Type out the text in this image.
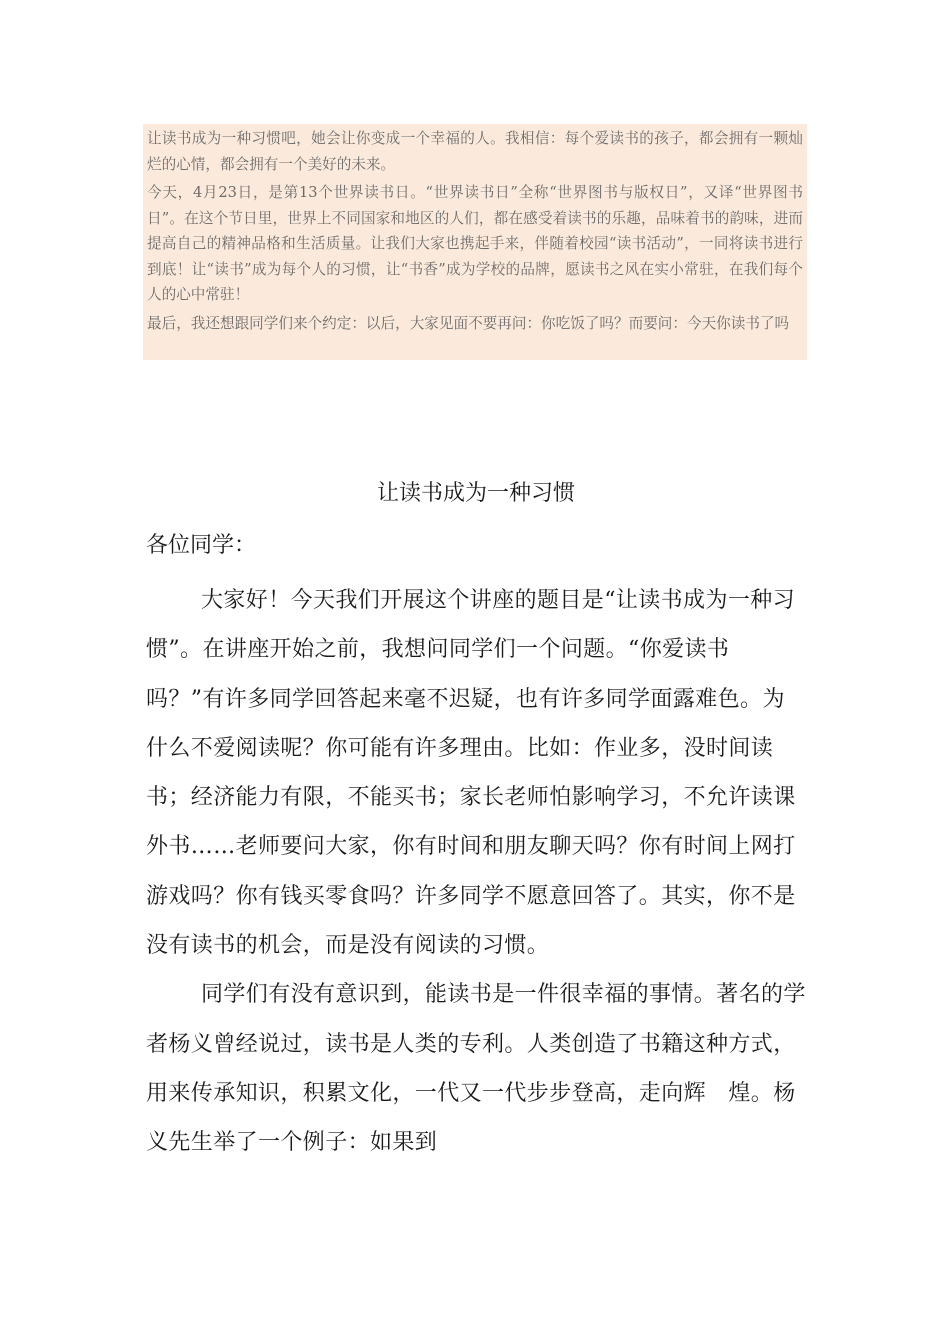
让读书成为一种习惯吧，她会让你变成一个幸福的人。我相信：每个爱读书的孩子，都会拥有一颗灿烂的心情，都会拥有一个美好的未来。

今天，4月23日，是第13个世界读书日。“世界读书日”全称“世界图书与版权日”，又译“世界图书日”。在这个节日里，世界上不同国家和地区的人们，都在感受着读书的乐趣，品味着书的韵味，进而提高自己的精神品格和生活质量。让我们大家也携起手来，伴随着校园“读书活动”，一同将读书进行到底！让“读书”成为每个人的习惯，让“书香”成为学校的品牌，愿读书之风在实小常驻，在我们每个人的心中常驻！

最后，我还想跟同学们来个约定：以后，大家见面不要再问：你吃饭了吗？而要问：今天你读书了吗

让读书成为一种习惯

各位同学：

大家好！今天我们开展这个讲座的题目是“让读书成为一种习惯”。在讲座开始之前，我想问同学们一个问题。“你爱读书吗？”有许多同学回答起来毫不迟疑，也有许多同学面露难色。为什么不爱阅读呢？你可能有许多理由。比如：作业多，没时间读书；经济能力有限，不能买书；家长老师怕影响学习，不允许读课外书……老师要问大家，你有时间和朋友聊天吗？你有时间上网打游戏吗？你有钱买零食吗？许多同学不愿意回答了。其实，你不是没有读书的机会，而是没有阅读的习惯。

同学们有没有意识到，能读书是一件很幸福的事情。著名的学者杨义曾经说过，读书是人类的专利。人类创造了书籍这种方式，用来传承知识，积累文化，一代又一代步步登高，走向辉　煌。杨义先生举了一个例子：如果到
